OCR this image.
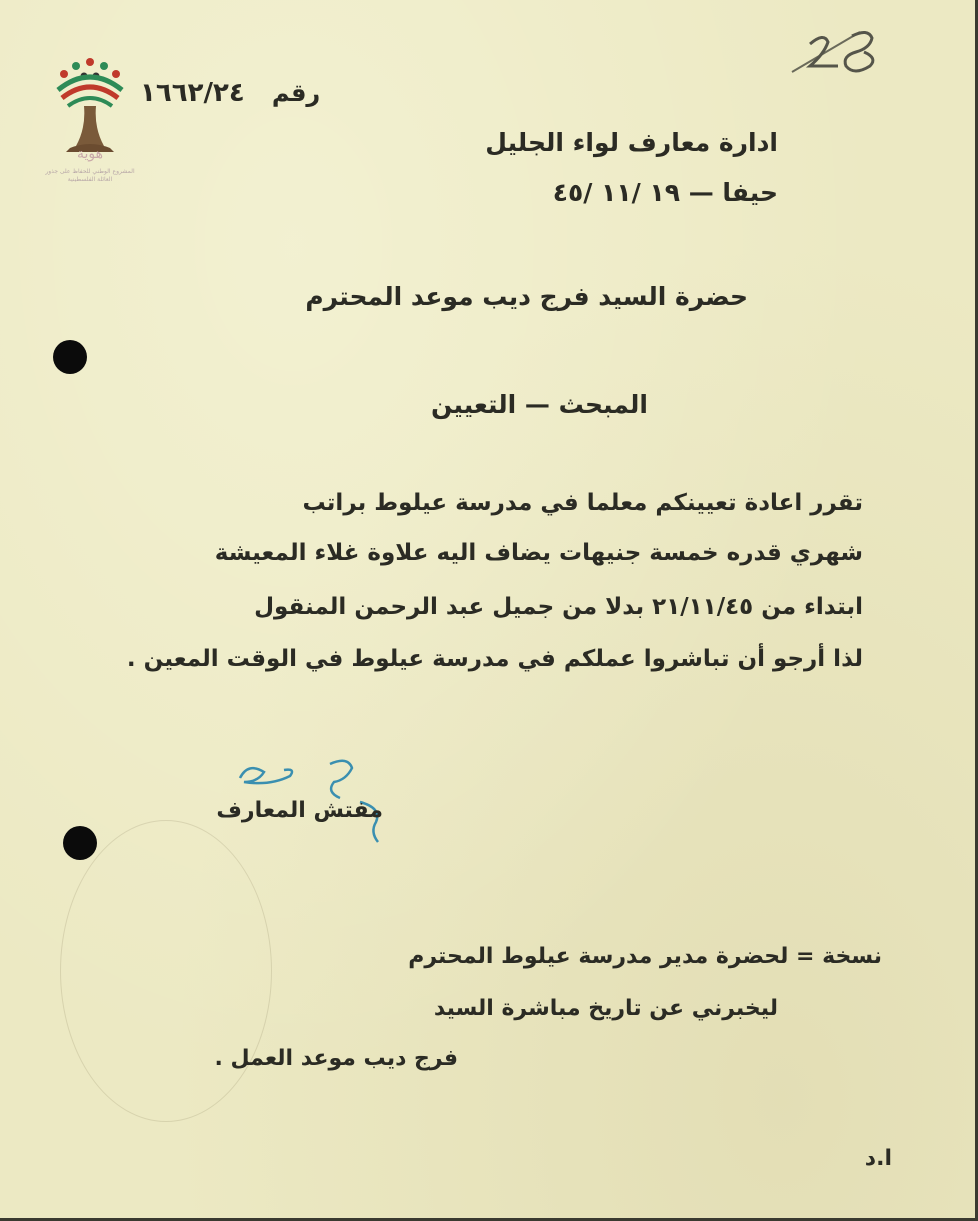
هوية
المشروع الوطني للحفاظ على جذور العائلة الفلسطينية
28
رقم   ١٦٦٢/٢٤
ادارة معارف لواء الجليل
حيفا — ١٩ /١١ /٤٥
حضرة السيد فرج ديب موعد المحترم
المبحث — التعيين
تقرر اعادة تعيينكم معلما في مدرسة عيلوط براتب
شهري قدره خمسة جنيهات يضاف اليه علاوة غلاء المعيشة
ابتداء من ٢١/١١/٤٥ بدلا من جميل عبد الرحمن المنقول
لذا أرجو أن تباشروا عملكم في مدرسة عيلوط في الوقت المعين .
مفتش المعارف
نسخة = لحضرة مدير مدرسة عيلوط المحترم
ليخبرني عن تاريخ مباشرة السيد
فرج ديب موعد العمل .
ا.د
